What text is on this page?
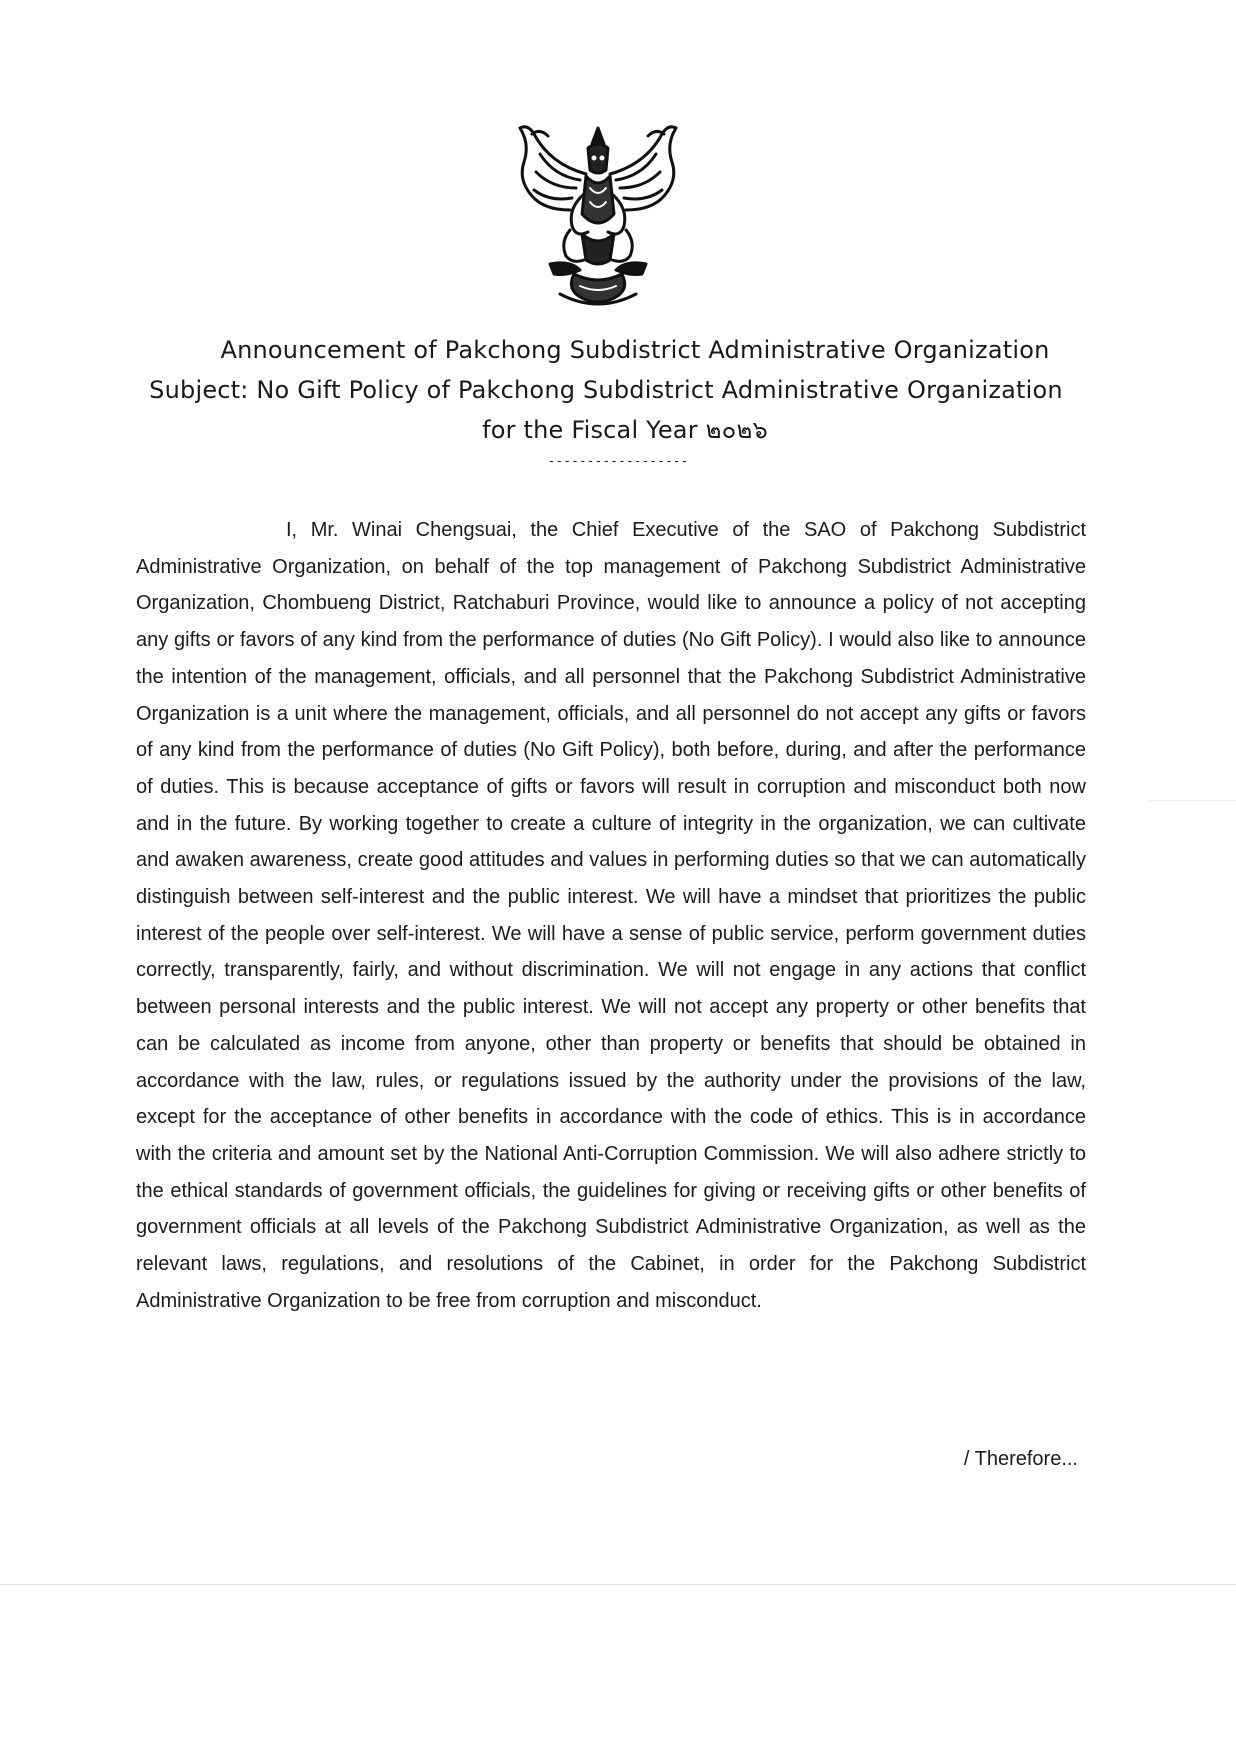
Announcement of Pakchong Subdistrict Administrative Organization
Subject: No Gift Policy of Pakchong Subdistrict Administrative Organization
for the Fiscal Year ๒๐๒๖
------------------

I, Mr. Winai Chengsuai, the Chief Executive of the SAO of Pakchong Subdistrict Administrative Organization, on behalf of the top management of Pakchong Subdistrict Administrative Organization, Chombueng District, Ratchaburi Province, would like to announce a policy of not accepting any gifts or favors of any kind from the performance of duties (No Gift Policy). I would also like to announce the intention of the management, officials, and all personnel that the Pakchong Subdistrict Administrative Organization is a unit where the management, officials, and all personnel do not accept any gifts or favors of any kind from the performance of duties (No Gift Policy), both before, during, and after the performance of duties. This is because acceptance of gifts or favors will result in corruption and misconduct both now and in the future. By working together to create a culture of integrity in the organization, we can cultivate and awaken awareness, create good attitudes and values in performing duties so that we can automatically distinguish between self-interest and the public interest. We will have a mindset that prioritizes the public interest of the people over self-interest. We will have a sense of public service, perform government duties correctly, transparently, fairly, and without discrimination. We will not engage in any actions that conflict between personal interests and the public interest. We will not accept any property or other benefits that can be calculated as income from anyone, other than property or benefits that should be obtained in accordance with the law, rules, or regulations issued by the authority under the provisions of the law, except for the acceptance of other benefits in accordance with the code of ethics. This is in accordance with the criteria and amount set by the National Anti-Corruption Commission. We will also adhere strictly to the ethical standards of government officials, the guidelines for giving or receiving gifts or other benefits of government officials at all levels of the Pakchong Subdistrict Administrative Organization, as well as the relevant laws, regulations, and resolutions of the Cabinet, in order for the Pakchong Subdistrict Administrative Organization to be free from corruption and misconduct.

/ Therefore...
